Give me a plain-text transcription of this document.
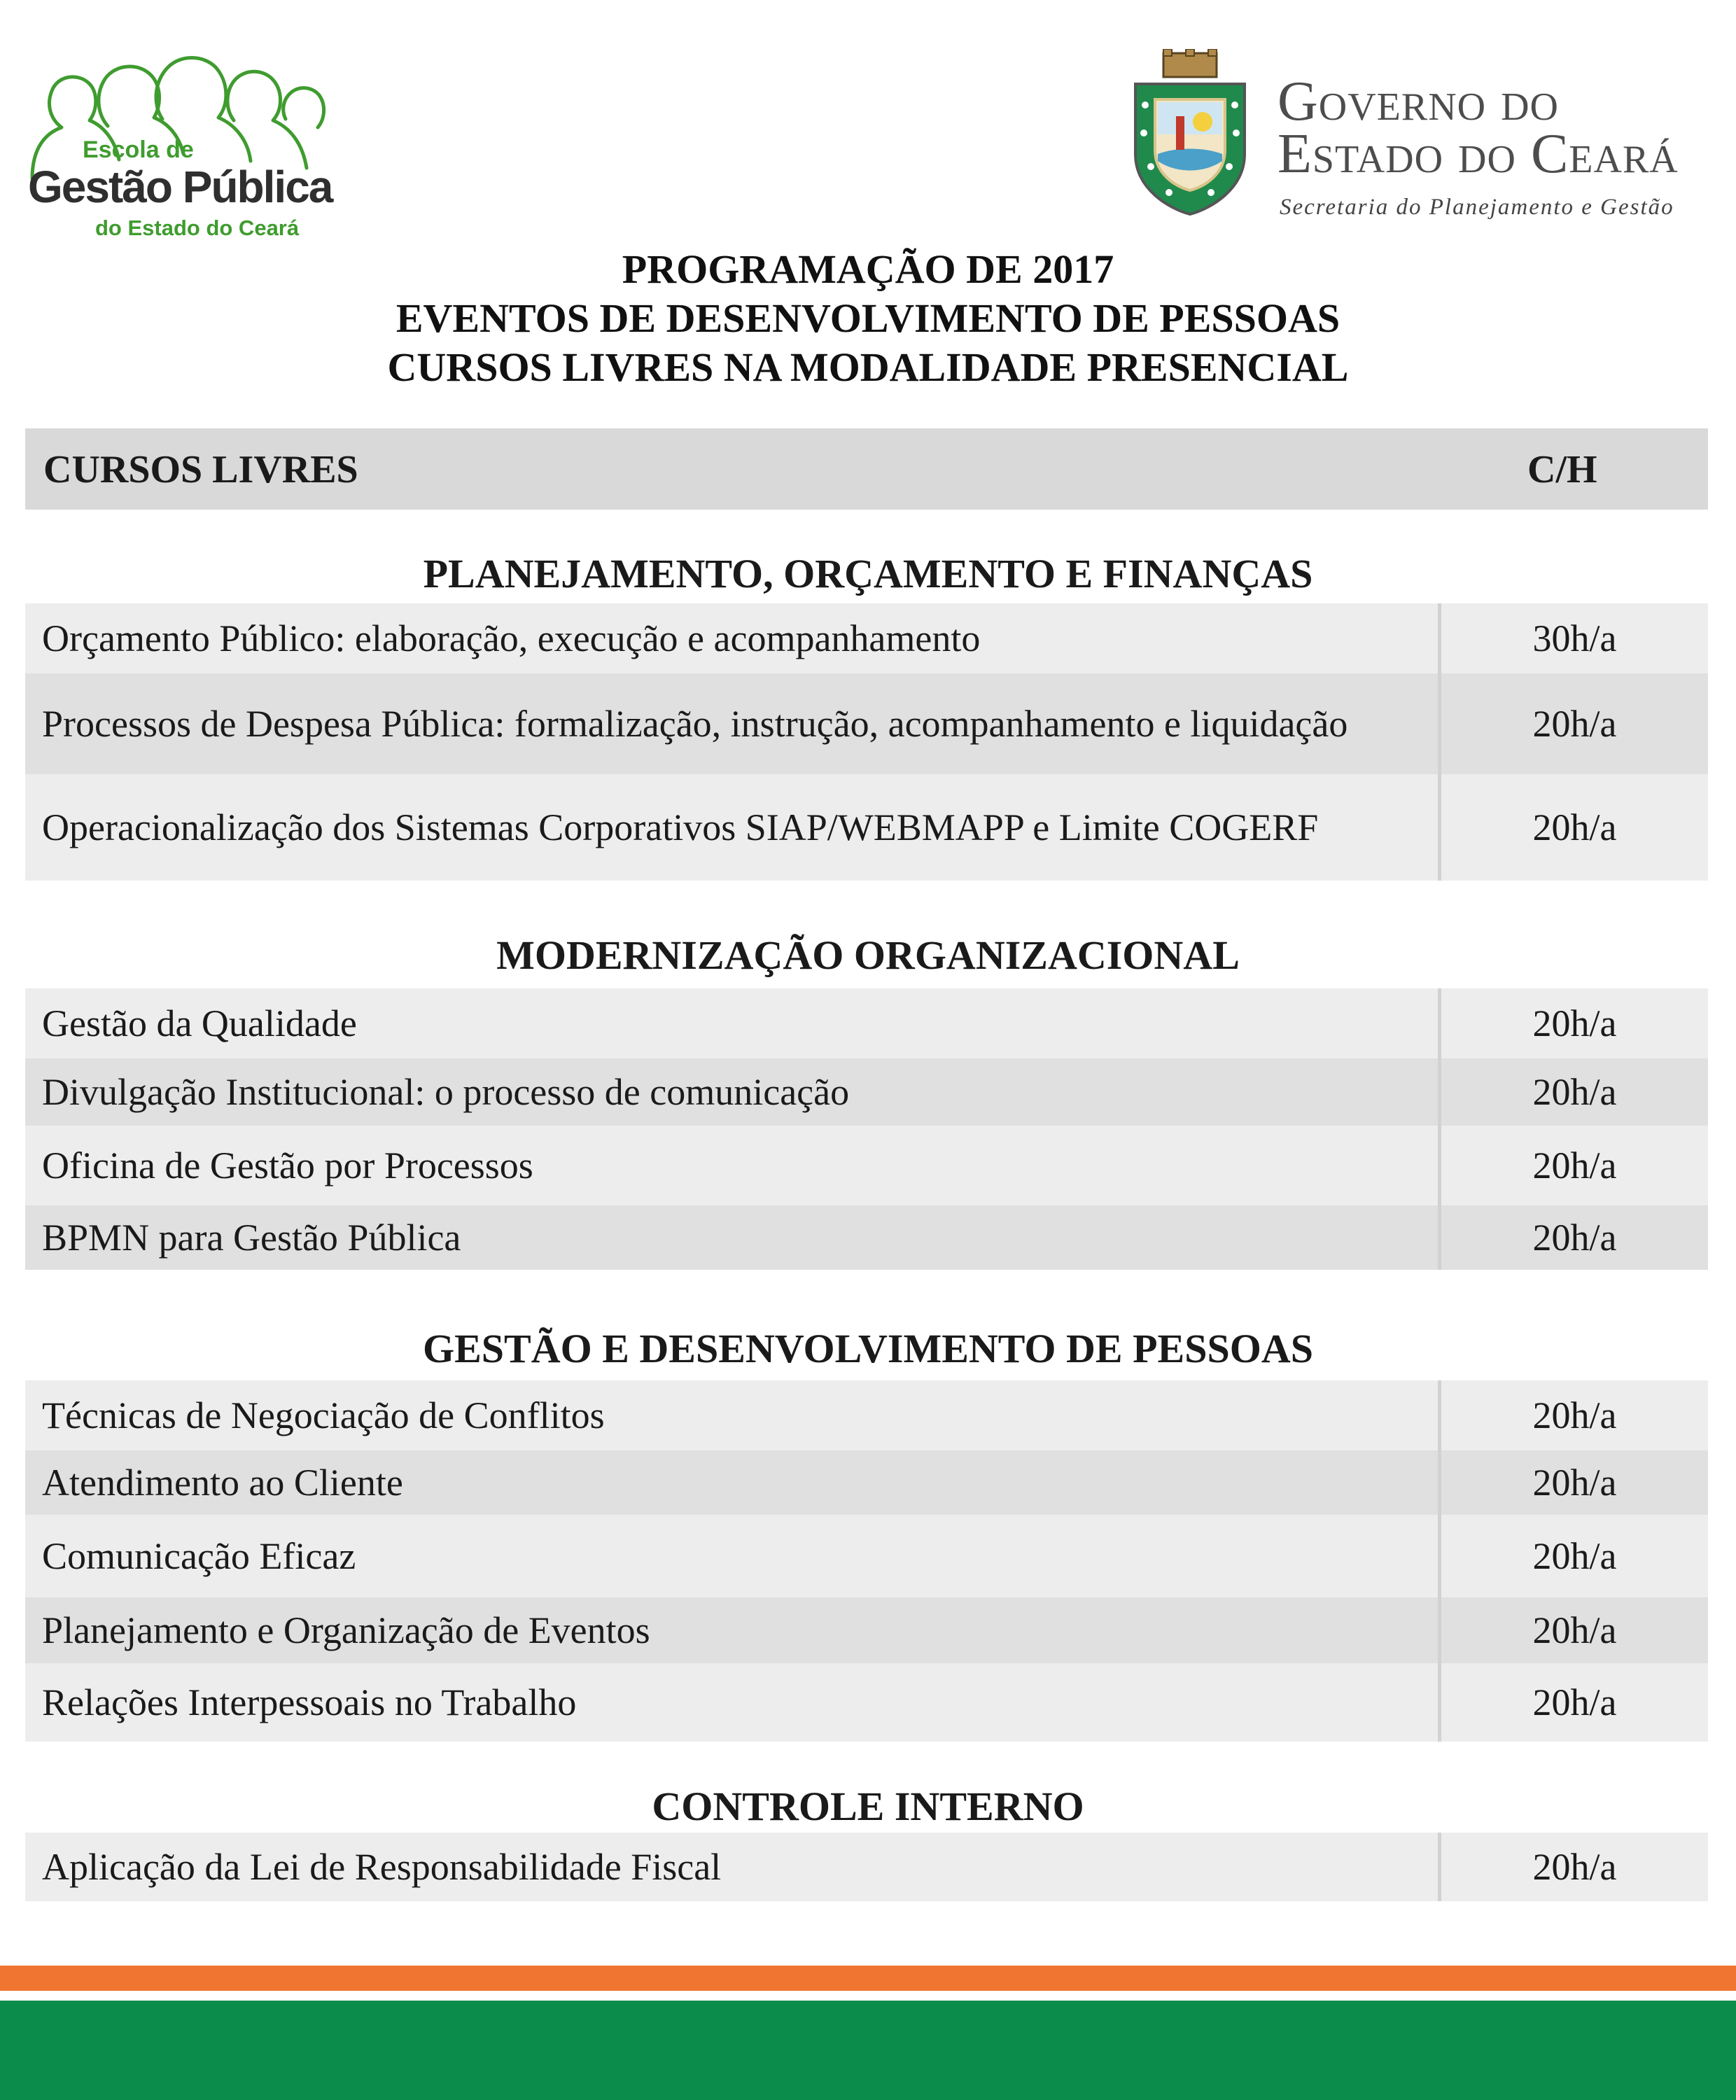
Escola de
Gestão Pública
do Estado do Ceará
Governo do
Estado do Ceará
Secretaria do Planejamento e Gestão
PROGRAMAÇÃO DE 2017
EVENTOS DE DESENVOLVIMENTO DE PESSOAS
CURSOS LIVRES NA MODALIDADE PRESENCIAL
CURSOS LIVRES	C/H
PLANEJAMENTO, ORÇAMENTO E FINANÇAS
Orçamento Público: elaboração, execução e acompanhamento	30h/a
Processos de Despesa Pública: formalização, instrução, acompanhamento e liquidação	20h/a
Operacionalização dos Sistemas Corporativos SIAP/WEBMAPP e Limite COGERF	20h/a
MODERNIZAÇÃO ORGANIZACIONAL
Gestão da Qualidade	20h/a
Divulgação Institucional: o processo de comunicação	20h/a
Oficina de Gestão por Processos	20h/a
BPMN para Gestão Pública	20h/a
GESTÃO E DESENVOLVIMENTO DE PESSOAS
Técnicas de Negociação de Conflitos	20h/a
Atendimento ao Cliente	20h/a
Comunicação Eficaz	20h/a
Planejamento e Organização de Eventos	20h/a
Relações Interpessoais no Trabalho	20h/a
CONTROLE INTERNO
Aplicação da Lei de Responsabilidade Fiscal	20h/a
